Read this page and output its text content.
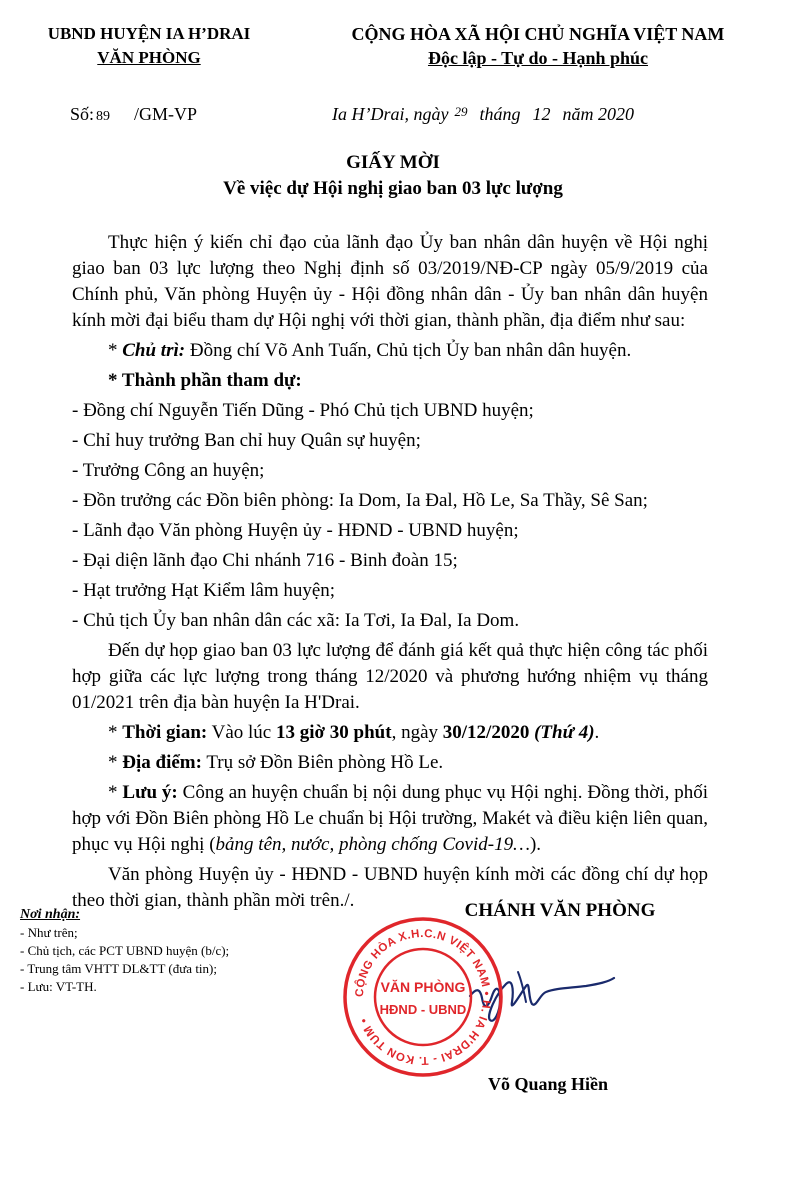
UBND HUYỆN IA H’DRAI
VĂN PHÒNG
Số: 89 /GM-VP
CỘNG HÒA XÃ HỘI CHỦ NGHĨA VIỆT NAM
Độc lập - Tự do - Hạnh phúc
Ia H’Drai, ngày $^{29}$ tháng 12 năm 2020
GIẤY MỜI
Về việc dự Hội nghị giao ban 03 lực lượng

Thực hiện ý kiến chỉ đạo của lãnh đạo Ủy ban nhân dân huyện về Hội nghị giao ban 03 lực lượng theo Nghị định số 03/2019/NĐ-CP ngày 05/9/2019 của Chính phủ, Văn phòng Huyện ủy - Hội đồng nhân dân - Ủy ban nhân dân huyện kính mời đại biểu tham dự Hội nghị với thời gian, thành phần, địa điểm như sau:

* Chủ trì: Đồng chí Võ Anh Tuấn, Chủ tịch Ủy ban nhân dân huyện.

* Thành phần tham dự:

- Đồng chí Nguyễn Tiến Dũng - Phó Chủ tịch UBND huyện;

- Chỉ huy trưởng Ban chỉ huy Quân sự huyện;

- Trưởng Công an huyện;

- Đồn trưởng các Đồn biên phòng: Ia Dom, Ia Đal, Hồ Le, Sa Thầy, Sê San;

- Lãnh đạo Văn phòng Huyện ủy - HĐND - UBND huyện;

- Đại diện lãnh đạo Chi nhánh 716 - Binh đoàn 15;

- Hạt trưởng Hạt Kiểm lâm huyện;

- Chủ tịch Ủy ban nhân dân các xã: Ia Tơi, Ia Đal, Ia Dom.

Đến dự họp giao ban 03 lực lượng để đánh giá kết quả thực hiện công tác phối hợp giữa các lực lượng trong tháng 12/2020 và phương hướng nhiệm vụ tháng 01/2021 trên địa bàn huyện Ia H'Drai.

* Thời gian: Vào lúc 13 giờ 30 phút, ngày 30/12/2020 (Thứ 4).

* Địa điểm: Trụ sở Đồn Biên phòng Hồ Le.

* Lưu ý: Công an huyện chuẩn bị nội dung phục vụ Hội nghị. Đồng thời, phối hợp với Đồn Biên phòng Hồ Le chuẩn bị Hội trường, Makét và điều kiện liên quan, phục vụ Hội nghị (bảng tên, nước, phòng chống Covid-19…).

Văn phòng Huyện ủy - HĐND - UBND huyện kính mời các đồng chí dự họp theo thời gian, thành phần mời trên./.

Nơi nhận:
- Như trên;
- Chủ tịch, các PCT UBND huyện (b/c);
- Trung tâm VHTT DL&TT (đưa tin);
- Lưu: VT-TH.
CHÁNH VĂN PHÒNG
CỘNG HÒA X.H.C.N VIỆT NAM • H. IA H'DRAI - T. KON TUM •
VĂN PHÒNG
HĐND - UBND
Võ Quang Hiền
